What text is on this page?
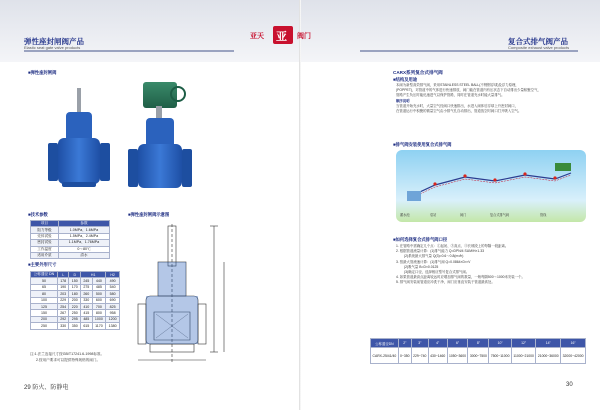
弹性座封闸阀产品
Elastic seat gate valve products
亚天 亚 阀门
复合式排气阀产品
Composite exhaust valve products
■弹性座封闸阀
■技术参数
项目	参数
阻力等级	1.0MPa、1.6MPa
壳体试验	1.5MPa、2.4MPa
密封试验	1.1MPa、1.76MPa
工作温度	0～80℃
适用介质	清水
■主要外形尺寸
公称通径 DN	L	D	H1		H2
50	178	150	245	440	490
65	190	170	275	485	540
80	203	180	260	500	580
100	229	200	330	600	690
125	254	220	410	700	825
150	267	250	415	800	958
200	292	295	485	1000	1200
250	330	350	615	1170	1380
注:1.法兰连接尺寸按GB/T17241.6-1998标准。
2.按用户要求可以提供特殊规格的阀门。
■弹性座封闸阀示意图
29 防火、防静电
CARX系列复合式排气阀
■结构及用途
本阀为新型高效排气阀，采用STAINLESS STEEL BALL(不锈钢浮球)及浮力原理，
(POPPET)，对管道中的气体进行快速排放，阀门能在管道内有压状态下自动排出少量积聚空气，
管路产生负压时能迅速进气以保护管路，同时在管道充水时能大量排气。
顺序说明
当管道开始充水时，大量空气经阀口快速排出，水进入阀体后浮球上升密封阀口，
在管道运行中积聚的微量空气由小排气孔自动排出，管道放空时阀口打开吸入空气。
■排气阀安装使用复合式排气阀
蓄水池	泵站	阀门	复合式排气阀	管线
■如何选择复合式排气阀口径
1. 在管路中需确定几个点：①起闭、③高点、④长坡段上的每隔一段距离。
2. 根据管道流量计算：(1)排气能力 Q=DPN/4 SUM/H×1.33
(2)系统最大排气量 Q(3)=0.6～0.8(m³/h)
3. 按最大管流速计算：(1)排气阀 Q=0.0864×D²×V
(2)吸气量 B=D×0.0125
(3)确定口径，选择相应型号复合式排气阀。
4. 如果管道最高点距离较远时应增加排气阀的数量，一般每隔500～1000米安装一个。
5. 排气阀安装前管道应冲洗干净，阀门应垂直安装于管道最高处。
公称通径DN	2"	3"	4"	6"	8"	10"	12"	14"	16"
CARX-25/41/40	0~350	229~740	430~1460	1050~3600	3000~7500	7500~11000	11000~21000	21000~36000	32000~42000
30
